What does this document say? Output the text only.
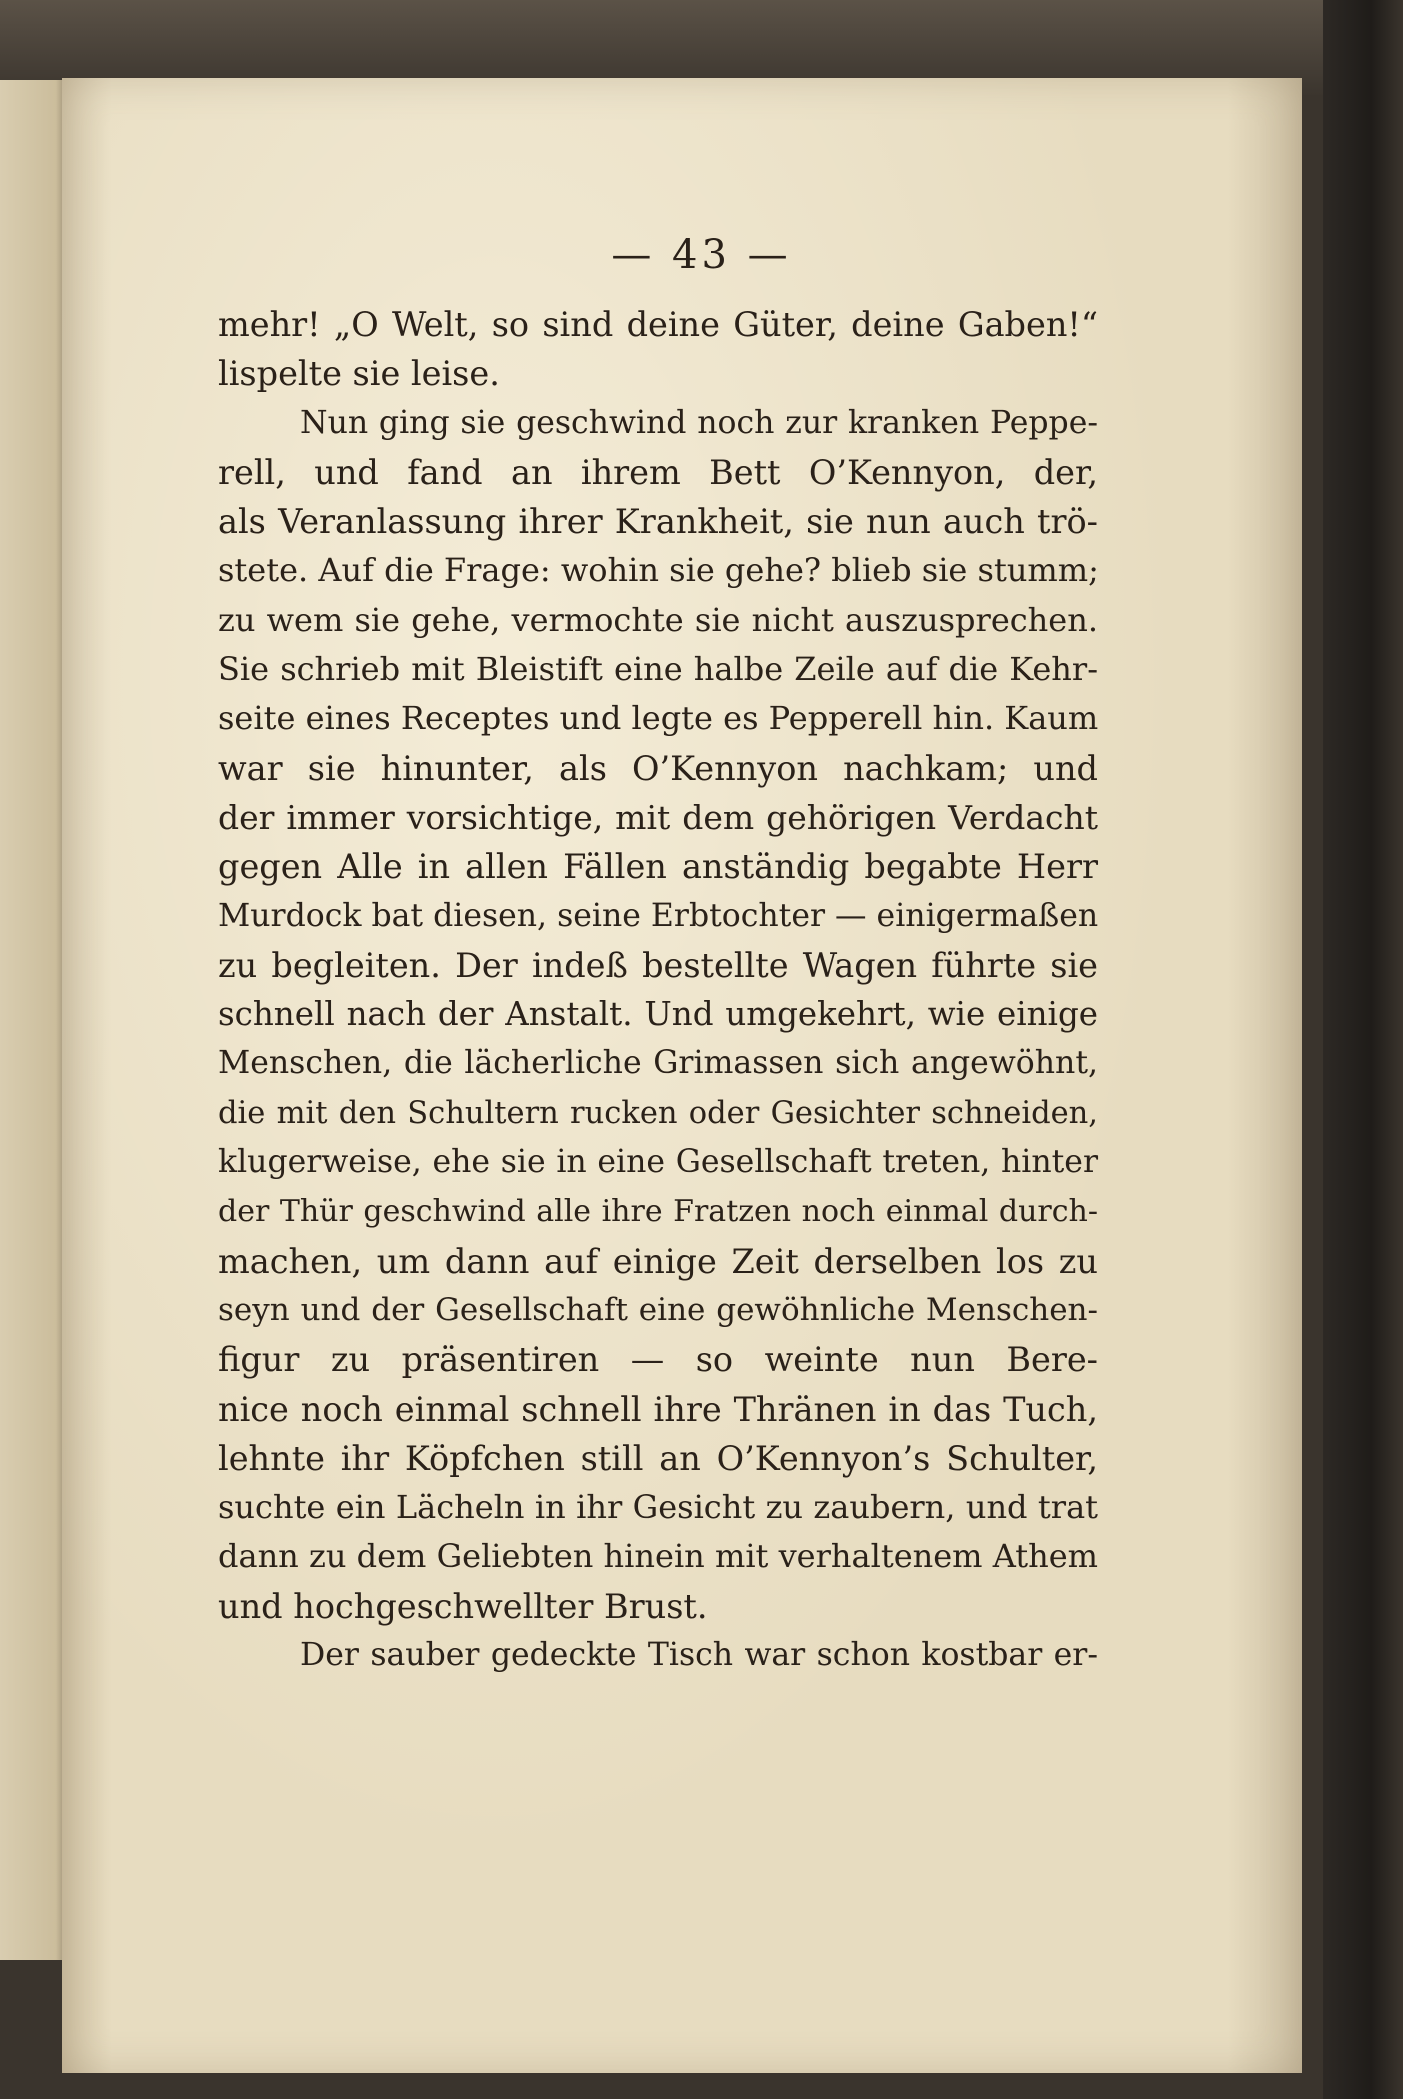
— 43 —
mehr! „O Welt, so sind deine Güter, deine Gaben!“
lispelte sie leise.
Nun ging sie geschwind noch zur kranken Peppe-
rell, und fand an ihrem Bett O’Kennyon, der,
als Veranlassung ihrer Krankheit, sie nun auch trö-
stete. Auf die Frage: wohin sie gehe? blieb sie stumm;
zu wem sie gehe, vermochte sie nicht auszusprechen.
Sie schrieb mit Bleistift eine halbe Zeile auf die Kehr-
seite eines Receptes und legte es Pepperell hin. Kaum
war sie hinunter, als O’Kennyon nachkam; und
der immer vorsichtige, mit dem gehörigen Verdacht
gegen Alle in allen Fällen anständig begabte Herr
Murdock bat diesen, seine Erbtochter — einigermaßen
zu begleiten. Der indeß bestellte Wagen führte sie
schnell nach der Anstalt. Und umgekehrt, wie einige
Menschen, die lächerliche Grimassen sich angewöhnt,
die mit den Schultern rucken oder Gesichter schneiden,
klugerweise, ehe sie in eine Gesellschaft treten, hinter
der Thür geschwind alle ihre Fratzen noch einmal durch-
machen, um dann auf einige Zeit derselben los zu
seyn und der Gesellschaft eine gewöhnliche Menschen-
figur zu präsentiren — so weinte nun Bere-
nice noch einmal schnell ihre Thränen in das Tuch,
lehnte ihr Köpfchen still an O’Kennyon’s Schulter,
suchte ein Lächeln in ihr Gesicht zu zaubern, und trat
dann zu dem Geliebten hinein mit verhaltenem Athem
und hochgeschwellter Brust.
Der sauber gedeckte Tisch war schon kostbar er-
